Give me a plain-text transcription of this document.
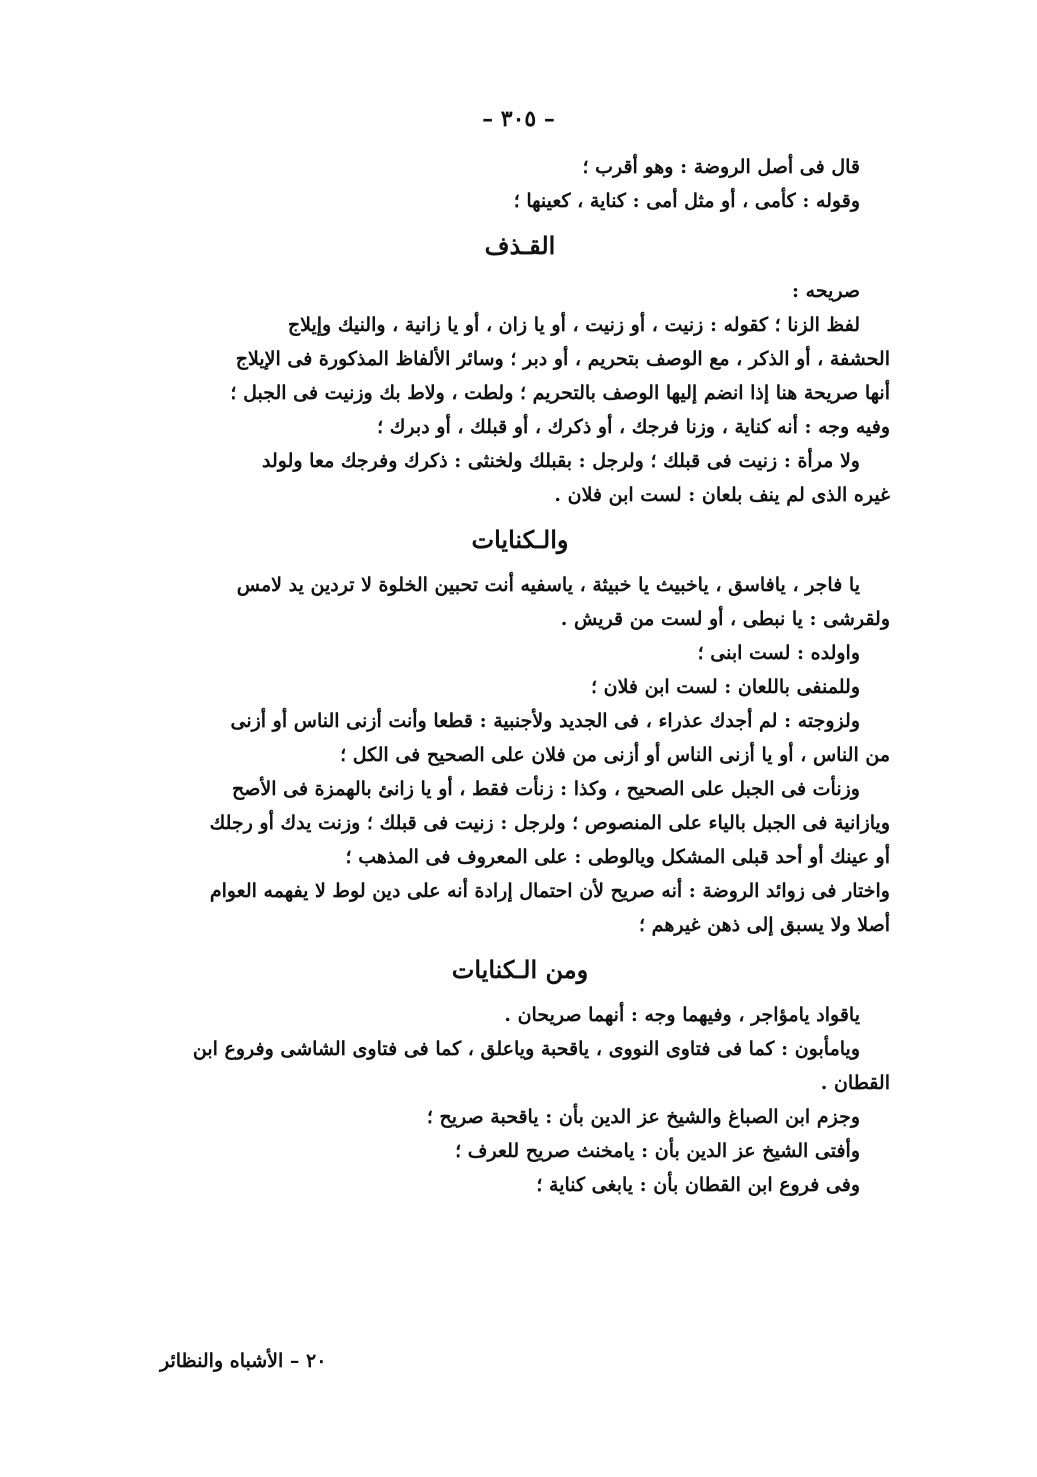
– ٣٠٥ –
قال فى أصل الروضة : وهو أقرب ؛
وقوله : كأمى ، أو مثل أمى : كناية ، كعينها ؛
القـذف
صريحه :
لفظ الزنا ؛ كقوله : زنيت ، أو زنيت ، أو يا زان ، أو يا زانية ، والنيك وإيلاج
الحشفة ، أو الذكر ، مع الوصف بتحريم ، أو دبر ؛ وسائر الألفاظ المذكورة فى الإيلاج
أنها صريحة هنا إذا انضم إليها الوصف بالتحريم ؛ ولطت ، ولاط بك وزنيت فى الجبل ؛
وفيه وجه : أنه كناية ، وزنا فرجك ، أو ذكرك ، أو قبلك ، أو دبرك ؛
ولا مرأة : زنيت فى قبلك ؛ ولرجل : بقبلك ولخنثى : ذكرك وفرجك معا ولولد
غيره الذى لم ينف بلعان : لست ابن فلان .
والـكنايات
يا فاجر ، يافاسق ، ياخبيث يا خبيثة ، ياسفيه أنت تحبين الخلوة لا تردين يد لامس
ولقرشى : يا نبطى ، أو لست من قريش .
واولده : لست ابنى ؛
وللمنفى باللعان : لست ابن فلان ؛
ولزوجته : لم أجدك عذراء ، فى الجديد ولأجنبية : قطعا وأنت أزنى الناس أو أزنى
من الناس ، أو يا أزنى الناس أو أزنى من فلان على الصحيح فى الكل ؛
وزنأت فى الجبل على الصحيح ، وكذا : زنأت فقط ، أو يا زانئ بالهمزة فى الأصح
ويازانية فى الجبل بالياء على المنصوص ؛ ولرجل : زنيت فى قبلك ؛ وزنت يدك أو رجلك
أو عينك أو أحد قبلى المشكل ويالوطى : على المعروف فى المذهب ؛
واختار فى زوائد الروضة : أنه صريح لأن احتمال إرادة أنه على دين لوط لا يفهمه العوام
أصلا ولا يسبق إلى ذهن غيرهم ؛
ومن الـكنايات
ياقواد يامؤاجر ، وفيهما وجه : أنهما صريحان .
ويامأبون : كما فى فتاوى النووى ، ياقحبة وياعلق ، كما فى فتاوى الشاشى وفروع ابن
القطان .
وجزم ابن الصباغ والشيخ عز الدين بأن : ياقحبة صريح ؛
وأفتى الشيخ عز الدين بأن : يامخنث صريح للعرف ؛
وفى فروع ابن القطان بأن : يابغى كناية ؛
٢٠ – الأشباه والنظائر
